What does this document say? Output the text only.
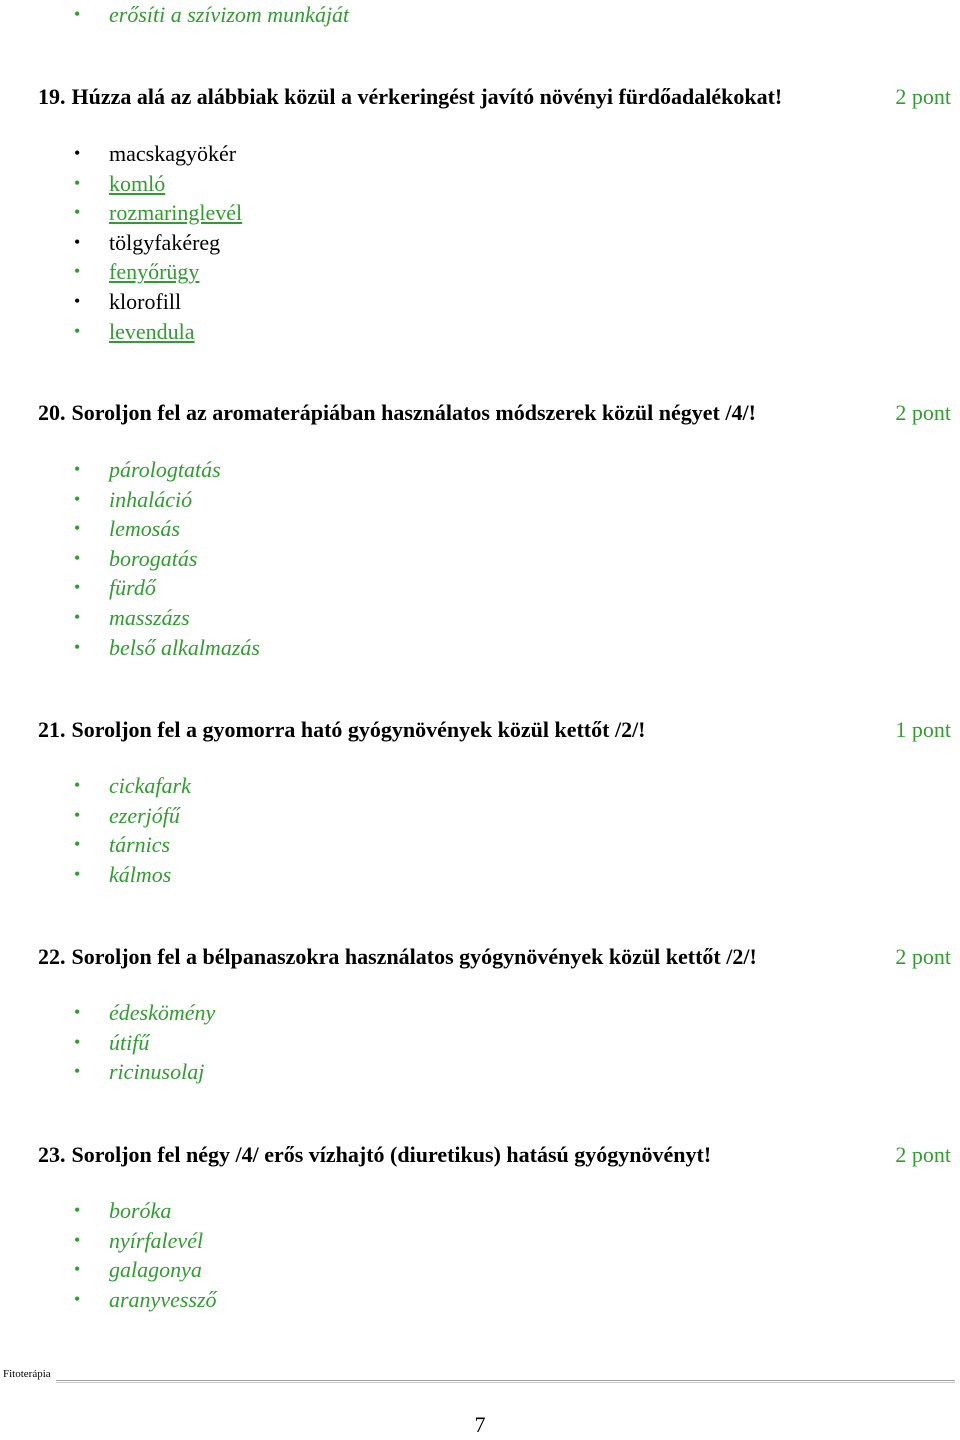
• erősíti a szívizom munkáját
19. Húzza alá az alábbiak közül a vérkeringést javító növényi fürdőadalékokat!	2 pont
• macskagyökér
• komló
• rozmaringlevél
• tölgyfakéreg
• fenyőrügy
• klorofill
• levendula
20. Soroljon fel az aromaterápiában használatos módszerek közül négyet /4/!	2 pont
• párologtatás
• inhaláció
• lemosás
• borogatás
• fürdő
• masszázs
• belső alkalmazás
21. Soroljon fel a gyomorra ható gyógynövények közül kettőt /2/!	1 pont
• cickafark
• ezerjófű
• tárnics
• kálmos
22. Soroljon fel a bélpanaszokra használatos gyógynövények közül kettőt /2/!	2 pont
• édeskömény
• útifű
• ricinusolaj
23. Soroljon fel négy /4/ erős vízhajtó (diuretikus) hatású gyógynövényt!	2 pont
• boróka
• nyírfalevél
• galagonya
• aranyvessző
Fitoterápia
7
